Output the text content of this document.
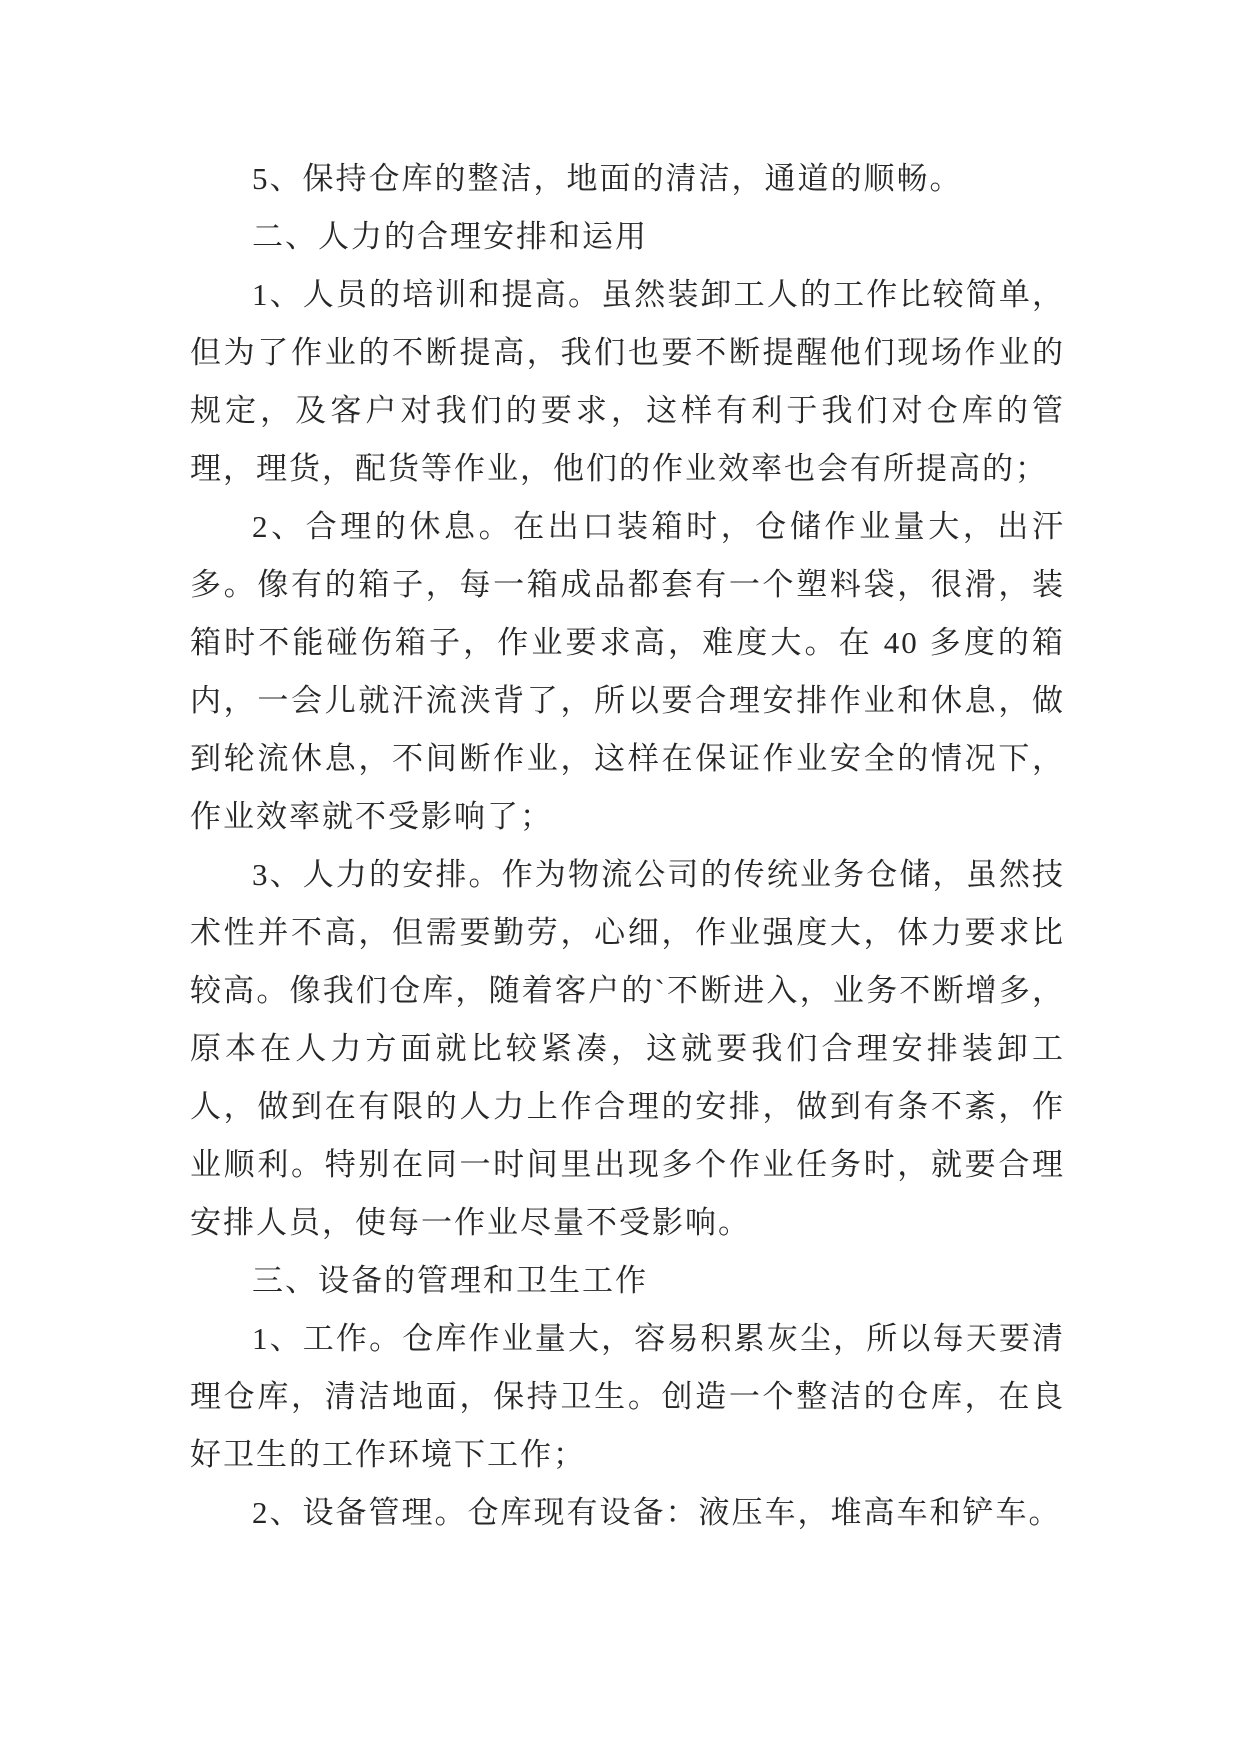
5、保持仓库的整洁，地面的清洁，通道的顺畅。

二、人力的合理安排和运用

1、人员的培训和提高。虽然装卸工人的工作比较简单，但为了作业的不断提高，我们也要不断提醒他们现场作业的规定，及客户对我们的要求，这样有利于我们对仓库的管理，理货，配货等作业，他们的作业效率也会有所提高的；

2、合理的休息。在出口装箱时，仓储作业量大，出汗多。像有的箱子，每一箱成品都套有一个塑料袋，很滑，装箱时不能碰伤箱子，作业要求高，难度大。在 40 多度的箱内，一会儿就汗流浃背了，所以要合理安排作业和休息，做到轮流休息，不间断作业，这样在保证作业安全的情况下，作业效率就不受影响了；

3、人力的安排。作为物流公司的传统业务仓储，虽然技术性并不高，但需要勤劳，心细，作业强度大，体力要求比较高。像我们仓库，随着客户的`不断进入，业务不断增多，原本在人力方面就比较紧凑，这就要我们合理安排装卸工人，做到在有限的人力上作合理的安排，做到有条不紊，作业顺利。特别在同一时间里出现多个作业任务时，就要合理安排人员，使每一作业尽量不受影响。

三、设备的管理和卫生工作

1、工作。仓库作业量大，容易积累灰尘，所以每天要清理仓库，清洁地面，保持卫生。创造一个整洁的仓库，在良好卫生的工作环境下工作；

2、设备管理。仓库现有设备：液压车，堆高车和铲车。
